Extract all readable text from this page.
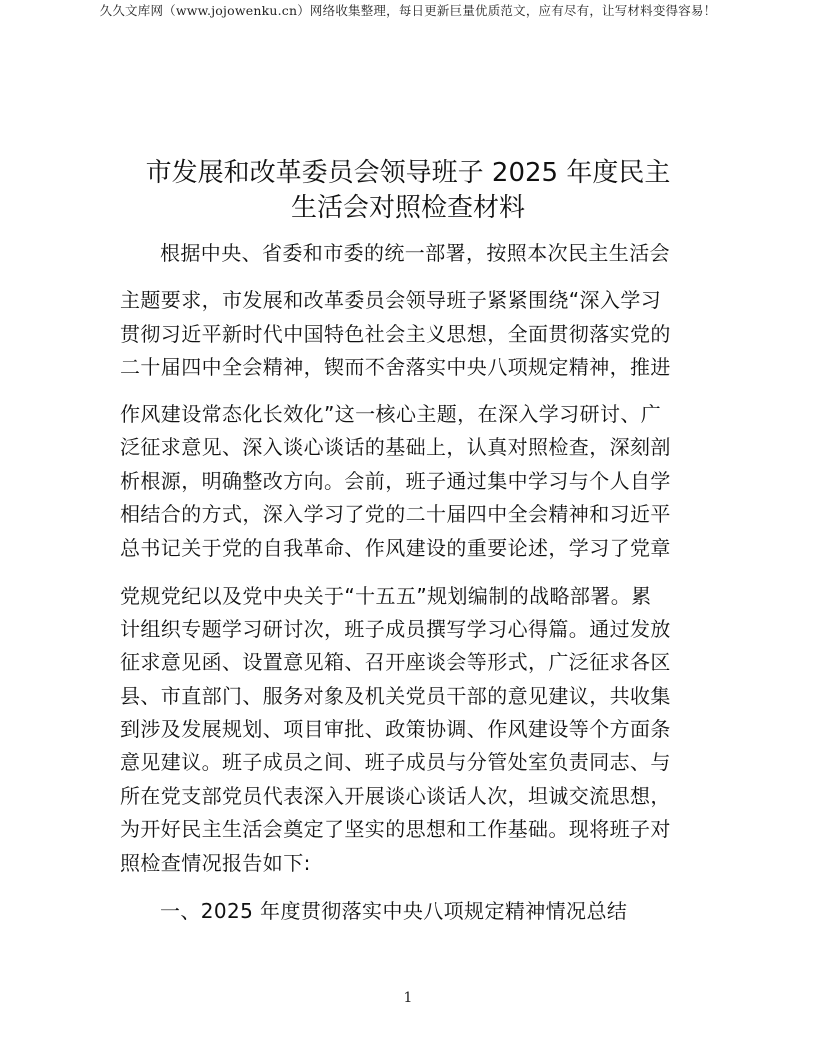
久久文库网（www.jojowenku.cn）网络收集整理，每日更新巨量优质范文，应有尽有，让写材料变得容易！
市发展和改革委员会领导班子 2025 年度民主
生活会对照检查材料
根据中央、省委和市委的统一部署，按照本次民主生活会
主题要求，市发展和改革委员会领导班子紧紧围绕“深入学习
贯彻习近平新时代中国特色社会主义思想，全面贯彻落实党的
二十届四中全会精神，锲而不舍落实中央八项规定精神，推进
作风建设常态化长效化”这一核心主题，在深入学习研讨、广
泛征求意见、深入谈心谈话的基础上，认真对照检查，深刻剖
析根源，明确整改方向。会前，班子通过集中学习与个人自学
相结合的方式，深入学习了党的二十届四中全会精神和习近平
总书记关于党的自我革命、作风建设的重要论述，学习了党章
党规党纪以及党中央关于“十五五”规划编制的战略部署。累
计组织专题学习研讨次，班子成员撰写学习心得篇。通过发放
征求意见函、设置意见箱、召开座谈会等形式，广泛征求各区
县、市直部门、服务对象及机关党员干部的意见建议，共收集
到涉及发展规划、项目审批、政策协调、作风建设等个方面条
意见建议。班子成员之间、班子成员与分管处室负责同志、与
所在党支部党员代表深入开展谈心谈话人次，坦诚交流思想，
为开好民主生活会奠定了坚实的思想和工作基础。现将班子对
照检查情况报告如下:
一、2025 年度贯彻落实中央八项规定精神情况总结
1
